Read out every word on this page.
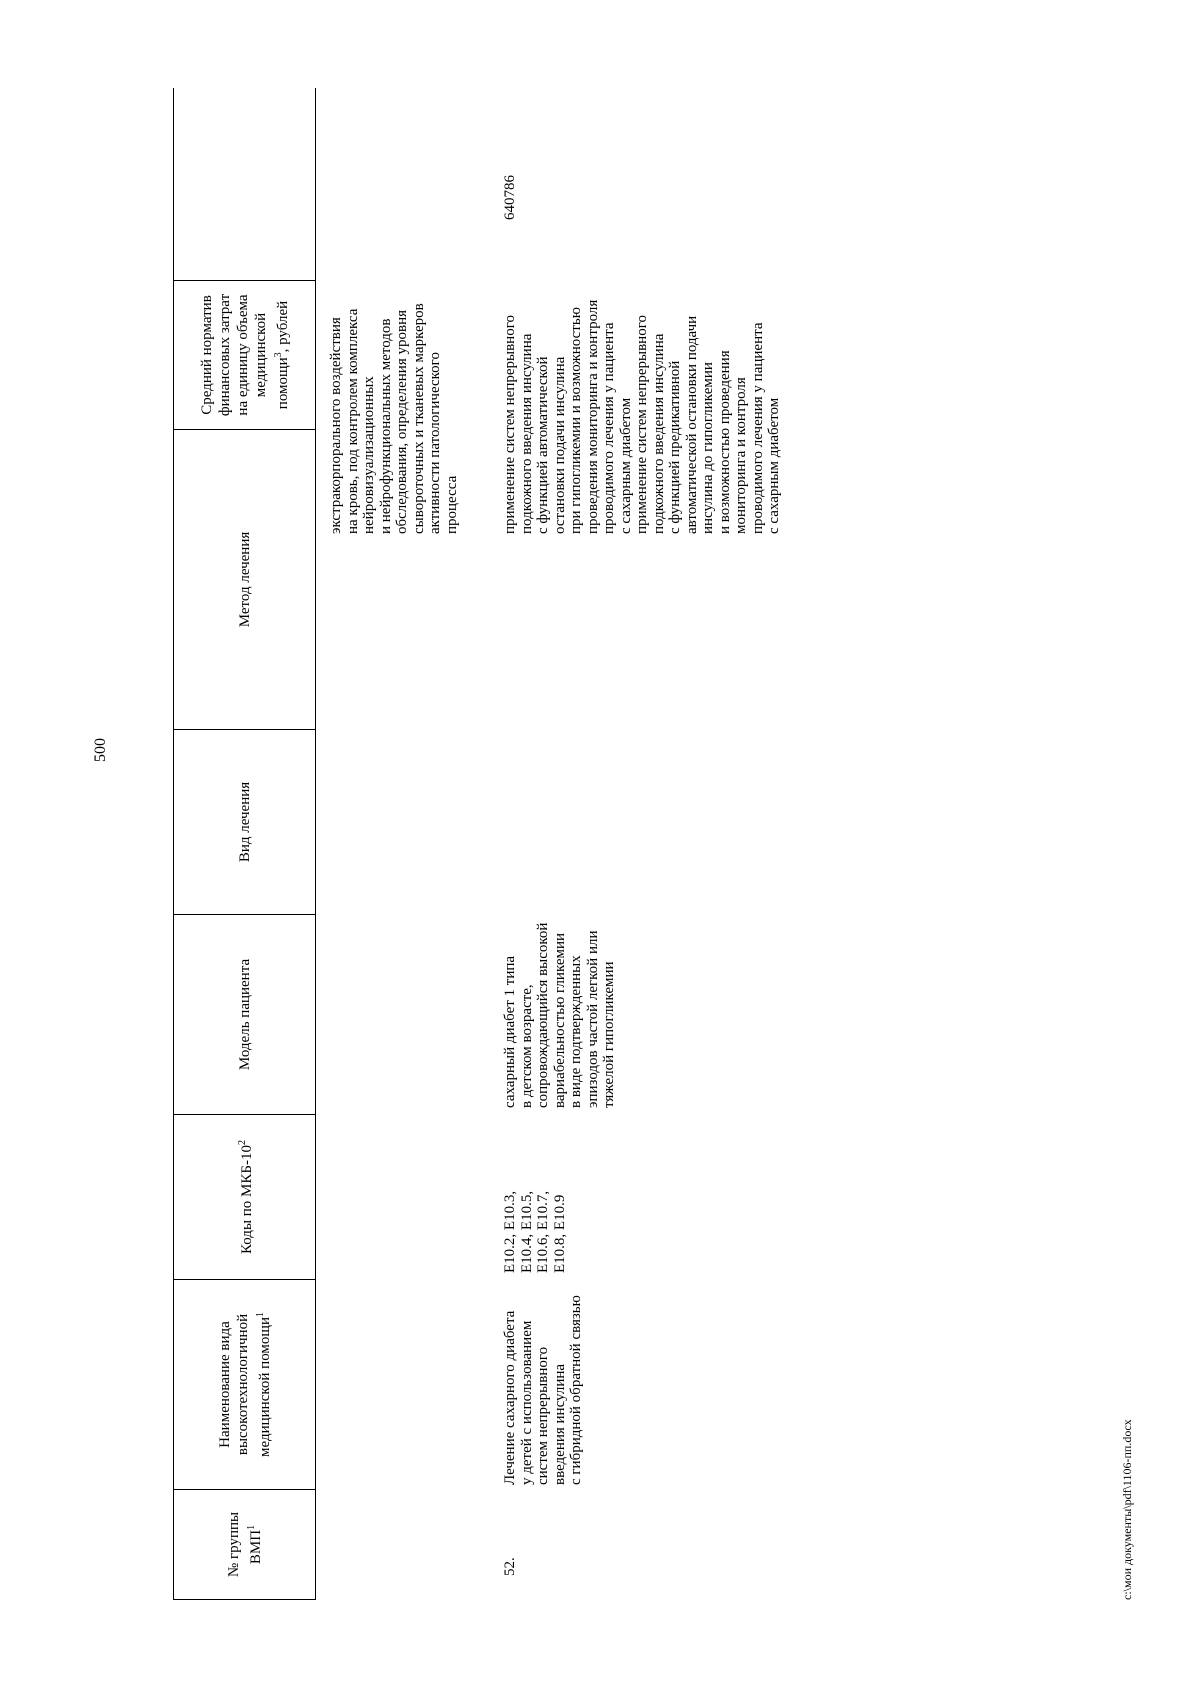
500
№ группы ВМП$^1$
Наименование вида высокотехнологичной медицинской помощи$^1$
Коды по МКБ-$10^2$
Модель пациента
Вид лечения
Метод лечения
Средний норматив финансовых затрат на единицу объема медицинской помощи$^3$, рублей
экстракорпорального воздействия
на кровь, под контролем комплекса
нейровизуализационных
и нейрофункциональных методов
обследования, определения уровня
сывороточных и тканевых маркеров
активности патологического
процесса
52.
Лечение сахарного диабета
у детей с использованием
систем непрерывного
введения инсулина
с гибридной обратной связью
E10.2, E10.3,
E10.4, E10.5,
E10.6, E10.7,
E10.8, E10.9
сахарный диабет 1 типа
в детском возрасте,
сопровождающийся высокой
вариабельностью гликемии
в виде подтвержденных
эпизодов частой легкой или
тяжелой гипогликемии
применение систем непрерывного
подкожного введения инсулина
с функцией автоматической
остановки подачи инсулина
при гипогликемии и возможностью
проведения мониторинга и контроля
проводимого лечения у пациента
с сахарным диабетом
применение систем непрерывного
подкожного введения инсулина
с функцией предикативной
автоматической остановки подачи
инсулина до гипогликемии
и возможностью проведения
мониторинга и контроля
проводимого лечения у пациента
с сахарным диабетом
640786
c:\мои документы\pdf\1106-пп.docx
